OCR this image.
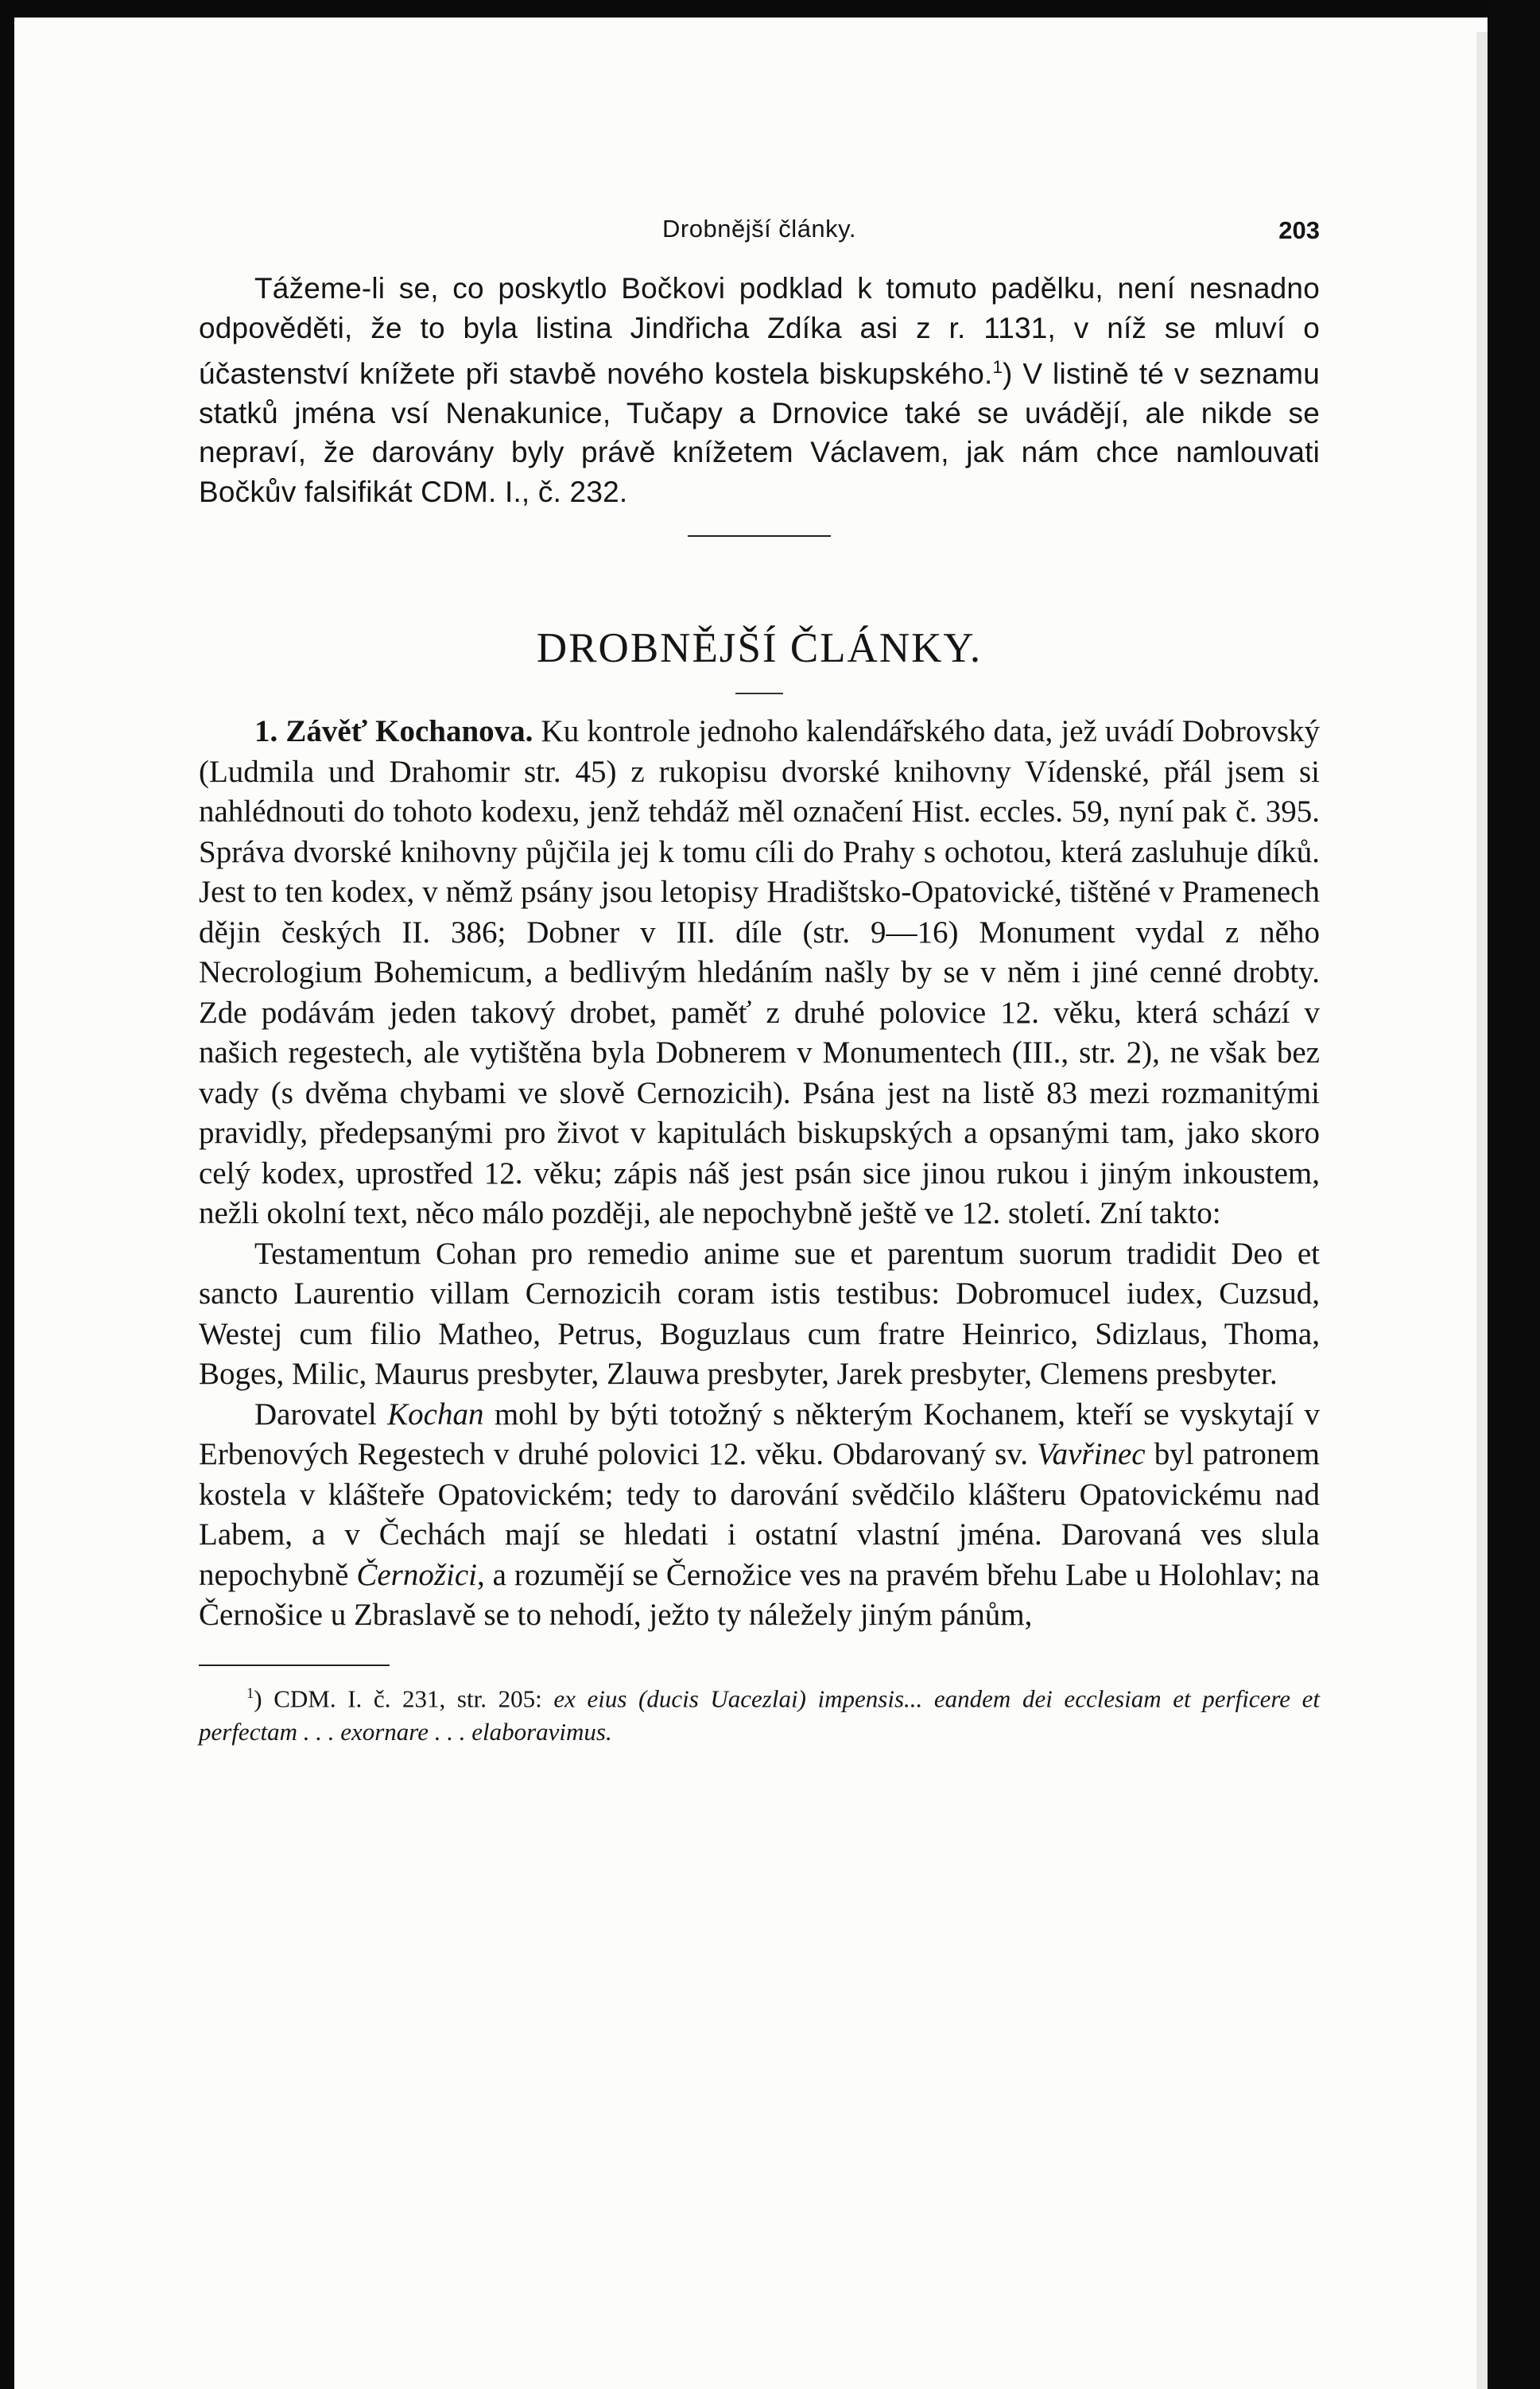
Drobnější články.	203

Tážeme-li se, co poskytlo Bočkovi podklad k tomuto padělku, není nesnadno odpověděti, že to byla listina Jindřicha Zdíka asi z r. 1131, v níž se mluví o účastenství knížete při stavbě nového kostela biskupského.$^1$) V listině té v seznamu statků jména vsí Nenakunice, Tučapy a Drnovice také se uvádějí, ale nikde se nepraví, že darovány byly právě knížetem Václavem, jak nám chce namlouvati Bočkův falsifikát CDM. I., č. 232.

DROBNĚJŠÍ ČLÁNKY.

1. Závěť Kochanova. Ku kontrole jednoho kalendářského data, jež uvádí Dobrovský (Ludmila und Drahomir str. 45) z rukopisu dvorské knihovny Vídenské, přál jsem si nahlédnouti do tohoto kodexu, jenž tehdáž měl označení Hist. eccles. 59, nyní pak č. 395. Správa dvorské knihovny půjčila jej k tomu cíli do Prahy s ochotou, která zasluhuje díků. Jest to ten kodex, v němž psány jsou letopisy Hradištsko-Opatovické, tištěné v Pramenech dějin českých II. 386; Dobner v III. díle (str. 9—16) Monument vydal z něho Necrologium Bohemicum, a bedlivým hledáním našly by se v něm i jiné cenné drobty. Zde podávám jeden takový drobet, paměť z druhé polovice 12. věku, která schází v našich regestech, ale vytištěna byla Dobnerem v Monumentech (III., str. 2), ne však bez vady (s dvěma chybami ve slově Cernozicih). Psána jest na listě 83 mezi rozmanitými pravidly, předepsanými pro život v kapitulách biskupských a opsanými tam, jako skoro celý kodex, uprostřed 12. věku; zápis náš jest psán sice jinou rukou i jiným inkoustem, nežli okolní text, něco málo později, ale nepochybně ještě ve 12. století. Zní takto:

Testamentum Cohan pro remedio anime sue et parentum suorum tradidit Deo et sancto Laurentio villam Cernozicih coram istis testibus: Dobromucel iudex, Cuzsud, Westej cum filio Matheo, Petrus, Boguzlaus cum fratre Heinrico, Sdizlaus, Thoma, Boges, Milic, Maurus presbyter, Zlauwa presbyter, Jarek presbyter, Clemens presbyter.

Darovatel Kochan mohl by býti totožný s některým Kochanem, kteří se vyskytají v Erbenových Regestech v druhé polovici 12. věku. Obdarovaný sv. Vavřinec byl patronem kostela v klášteře Opatovickém; tedy to darování svědčilo klášteru Opatovickému nad Labem, a v Čechách mají se hledati i ostatní vlastní jména. Darovaná ves slula nepochybně Černožici, a rozumějí se Černožice ves na pravém břehu Labe u Holohlav; na Černošice u Zbraslavě se to nehodí, ježto ty náležely jiným pánům,

$^1$) CDM. I. č. 231, str. 205: ex eius (ducis Uacezlai) impensis... eandem dei ecclesiam et perficere et perfectam . . . exornare . . . elaboravimus.
